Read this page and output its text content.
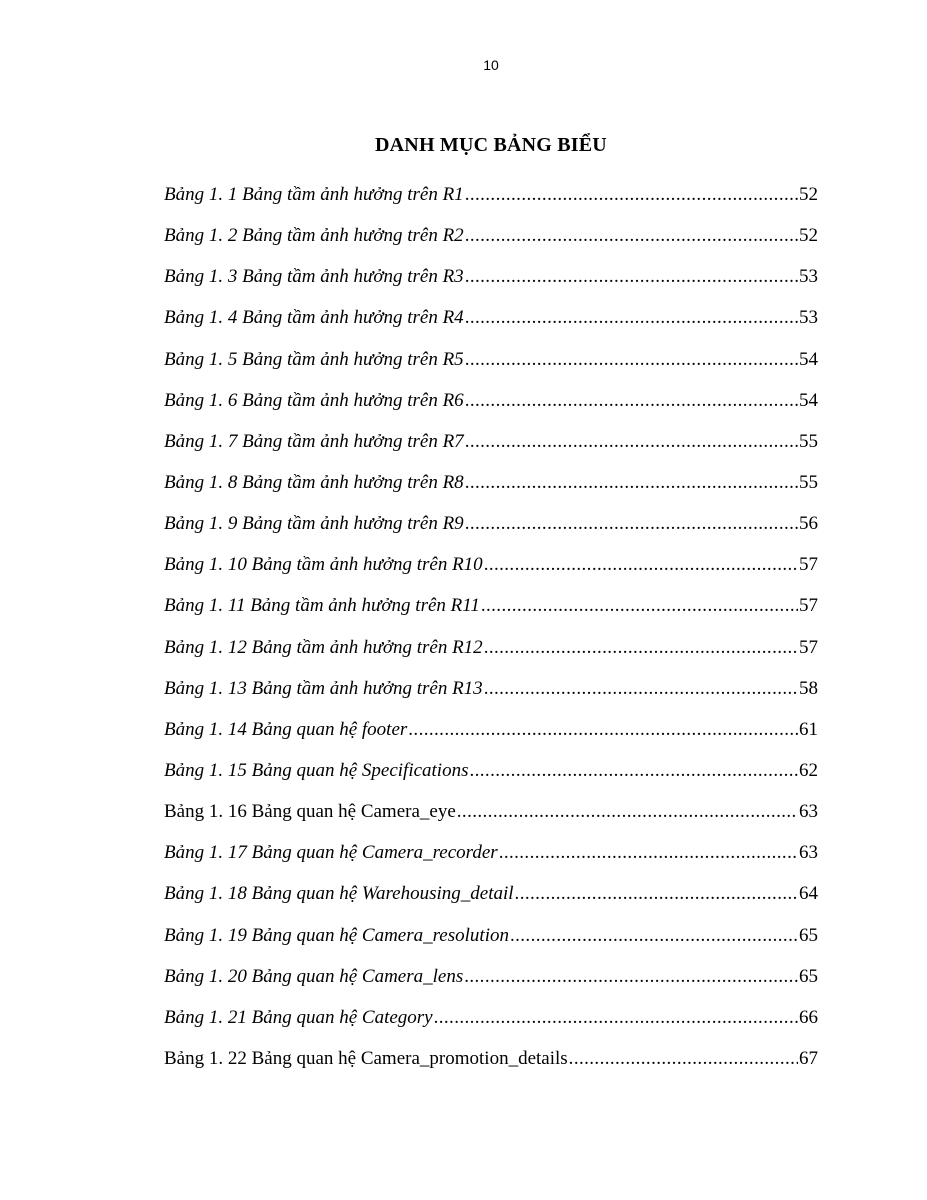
10
DANH MỤC BẢNG BIỂU
Bảng 1. 1 Bảng tầm ảnh hưởng trên R1 .....	52
Bảng 1. 2 Bảng tầm ảnh hưởng trên R2 .....	52
Bảng 1. 3 Bảng tầm ảnh hưởng trên R3 .....	53
Bảng 1. 4 Bảng tầm ảnh hưởng trên R4 .....	53
Bảng 1. 5 Bảng tầm ảnh hưởng trên R5 .....	54
Bảng 1. 6 Bảng tầm ảnh hưởng trên R6 .....	54
Bảng 1. 7 Bảng tầm ảnh hưởng trên R7 .....	55
Bảng 1. 8 Bảng tầm ảnh hưởng trên R8 .....	55
Bảng 1. 9 Bảng tầm ảnh hưởng trên R9 .....	56
Bảng 1. 10 Bảng tầm ảnh hưởng trên R10 .....	57
Bảng 1. 11 Bảng tầm ảnh hưởng trên R11 .....	57
Bảng 1. 12 Bảng tầm ảnh hưởng trên R12 .....	57
Bảng 1. 13 Bảng tầm ảnh hưởng trên R13 .....	58
Bảng 1. 14 Bảng quan hệ footer .....	61
Bảng 1. 15 Bảng quan hệ Specifications .....	62
Bảng 1. 16 Bảng quan hệ Camera_eye .....	63
Bảng 1. 17 Bảng quan hệ Camera_recorder .....	63
Bảng 1. 18 Bảng quan hệ Warehousing_detail .....	64
Bảng 1. 19 Bảng quan hệ Camera_resolution .....	65
Bảng 1. 20 Bảng quan hệ Camera_lens .....	65
Bảng 1. 21 Bảng quan hệ Category .....	66
Bảng 1. 22 Bảng quan hệ Camera_promotion_details .....	67
